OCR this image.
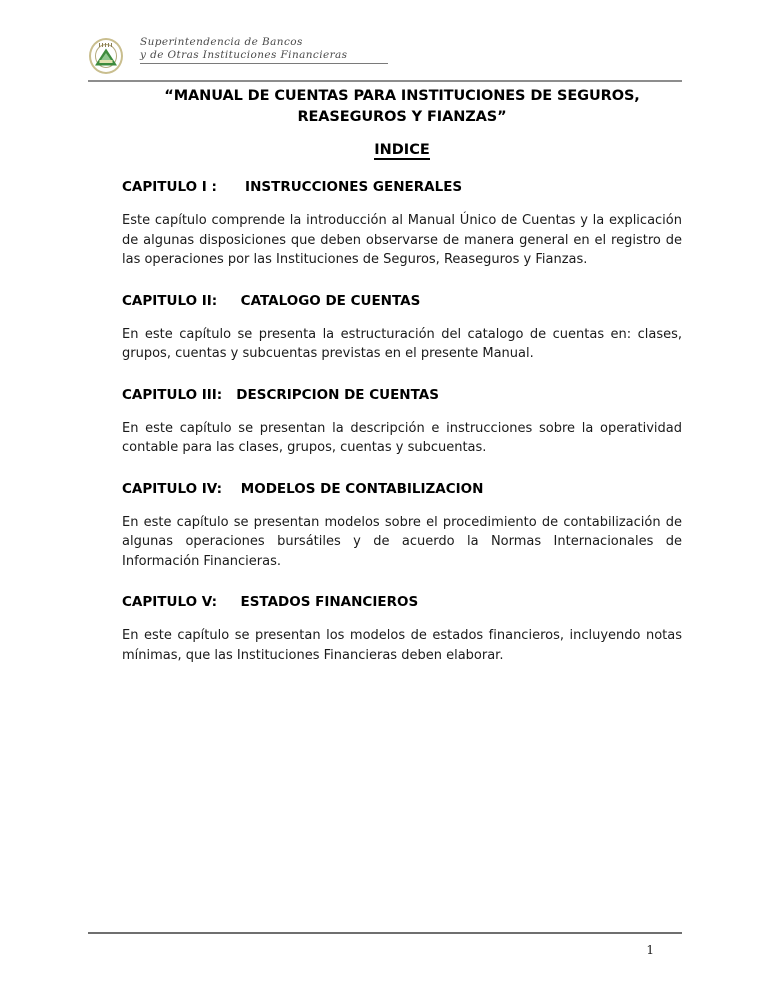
Superintendencia de Bancos
y de Otras Instituciones Financieras
“MANUAL DE CUENTAS PARA INSTITUCIONES DE SEGUROS,
REASEGUROS Y FIANZAS”
INDICE
CAPITULO I :      INSTRUCCIONES GENERALES

Este capítulo comprende la introducción al Manual Único de Cuentas y la explicación de algunas disposiciones que deben observarse de manera general en el registro de las operaciones por las Instituciones de Seguros, Reaseguros y Fianzas.

CAPITULO II:     CATALOGO DE CUENTAS

En este capítulo se presenta la estructuración del catalogo de cuentas en: clases, grupos, cuentas y subcuentas previstas en el presente Manual.

CAPITULO III:   DESCRIPCION DE CUENTAS

En este capítulo se presentan la descripción e instrucciones sobre la operatividad contable para las clases, grupos, cuentas y subcuentas.

CAPITULO IV:    MODELOS DE CONTABILIZACION

En este capítulo se presentan modelos sobre el procedimiento de contabilización de algunas operaciones bursátiles y de acuerdo la Normas Internacionales de Información Financieras.

CAPITULO V:     ESTADOS FINANCIEROS

En este capítulo se presentan los modelos de estados financieros, incluyendo notas mínimas, que las Instituciones Financieras deben elaborar.

1
